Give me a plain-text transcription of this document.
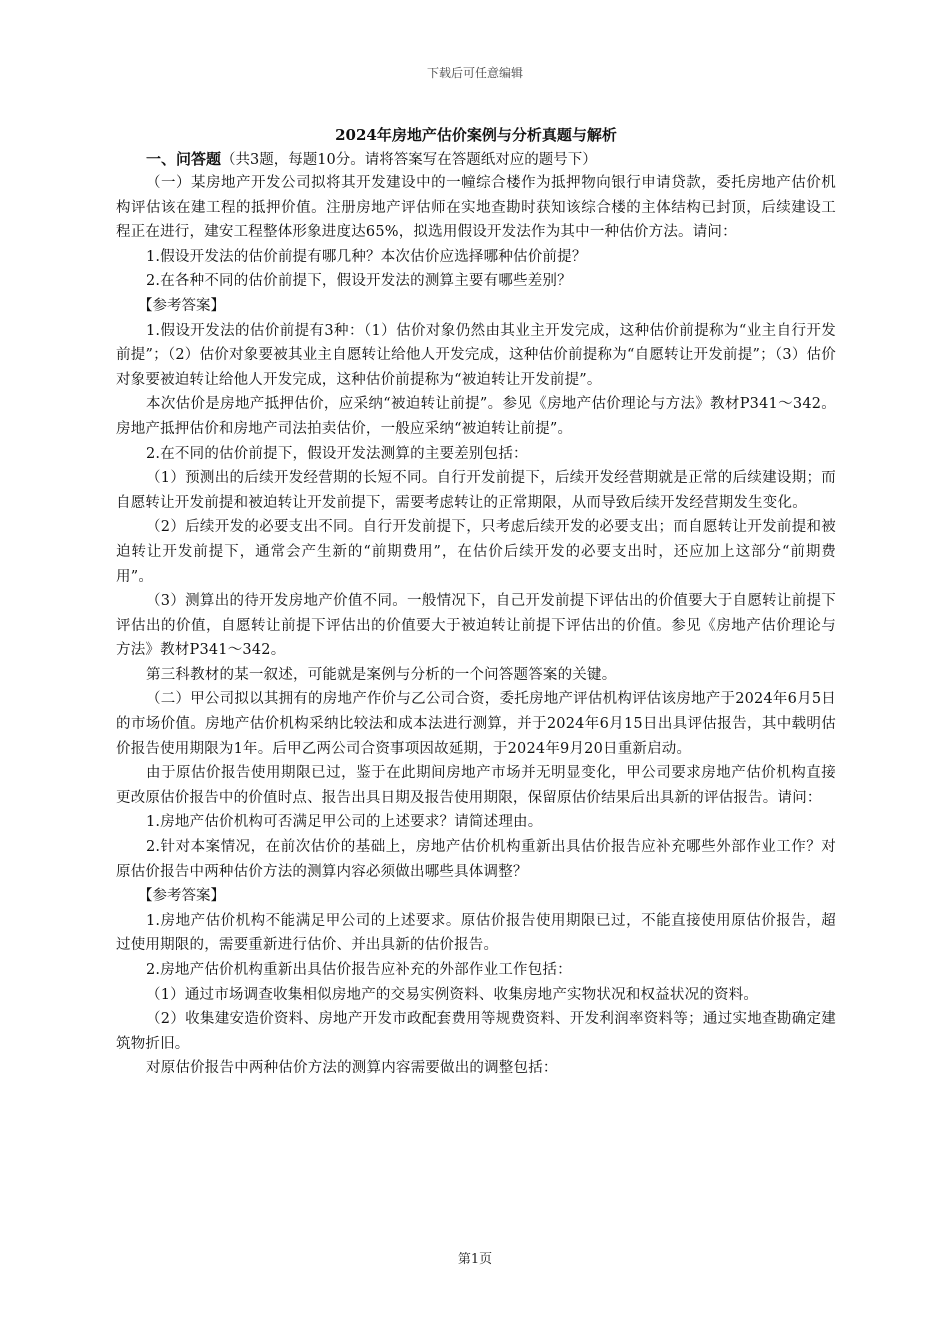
下载后可任意编辑
2024年房地产估价案例与分析真题与解析
一、问答题（共3题，每题10分。请将答案写在答题纸对应的题号下）

（一）某房地产开发公司拟将其开发建设中的一幢综合楼作为抵押物向银行申请贷款，委托房地产估价机构评估该在建工程的抵押价值。注册房地产评估师在实地查勘时获知该综合楼的主体结构已封顶，后续建设工程正在进行，建安工程整体形象进度达65%，拟选用假设开发法作为其中一种估价方法。请问：

1.假设开发法的估价前提有哪几种？本次估价应选择哪种估价前提？

2.在各种不同的估价前提下，假设开发法的测算主要有哪些差别？

【参考答案】

1.假设开发法的估价前提有3种：（1）估价对象仍然由其业主开发完成，这种估价前提称为“业主自行开发前提”；（2）估价对象要被其业主自愿转让给他人开发完成，这种估价前提称为“自愿转让开发前提”；（3）估价对象要被迫转让给他人开发完成，这种估价前提称为“被迫转让开发前提”。

本次估价是房地产抵押估价，应采纳“被迫转让前提”。参见《房地产估价理论与方法》教材P341～342。房地产抵押估价和房地产司法拍卖估价，一般应采纳“被迫转让前提”。

2.在不同的估价前提下，假设开发法测算的主要差别包括：

（1）预测出的后续开发经营期的长短不同。自行开发前提下，后续开发经营期就是正常的后续建设期；而自愿转让开发前提和被迫转让开发前提下，需要考虑转让的正常期限，从而导致后续开发经营期发生变化。

（2）后续开发的必要支出不同。自行开发前提下，只考虑后续开发的必要支出；而自愿转让开发前提和被迫转让开发前提下，通常会产生新的“前期费用”，在估价后续开发的必要支出时，还应加上这部分“前期费用”。

（3）测算出的待开发房地产价值不同。一般情况下，自己开发前提下评估出的价值要大于自愿转让前提下评估出的价值，自愿转让前提下评估出的价值要大于被迫转让前提下评估出的价值。参见《房地产估价理论与方法》教材P341～342。

第三科教材的某一叙述，可能就是案例与分析的一个问答题答案的关键。

（二）甲公司拟以其拥有的房地产作价与乙公司合资，委托房地产评估机构评估该房地产于2024年6月5日的市场价值。房地产估价机构采纳比较法和成本法进行测算，并于2024年6月15日出具评估报告，其中载明估价报告使用期限为1年。后甲乙两公司合资事项因故延期，于2024年9月20日重新启动。

由于原估价报告使用期限已过，鉴于在此期间房地产市场并无明显变化，甲公司要求房地产估价机构直接更改原估价报告中的价值时点、报告出具日期及报告使用期限，保留原估价结果后出具新的评估报告。请问：

1.房地产估价机构可否满足甲公司的上述要求？请简述理由。

2.针对本案情况，在前次估价的基础上，房地产估价机构重新出具估价报告应补充哪些外部作业工作？对原估价报告中两种估价方法的测算内容必须做出哪些具体调整？

【参考答案】

1.房地产估价机构不能满足甲公司的上述要求。原估价报告使用期限已过，不能直接使用原估价报告，超过使用期限的，需要重新进行估价、并出具新的估价报告。

2.房地产估价机构重新出具估价报告应补充的外部作业工作包括：

（1）通过市场调查收集相似房地产的交易实例资料、收集房地产实物状况和权益状况的资料。

（2）收集建安造价资料、房地产开发市政配套费用等规费资料、开发利润率资料等；通过实地查勘确定建筑物折旧。

对原估价报告中两种估价方法的测算内容需要做出的调整包括：

第1页
